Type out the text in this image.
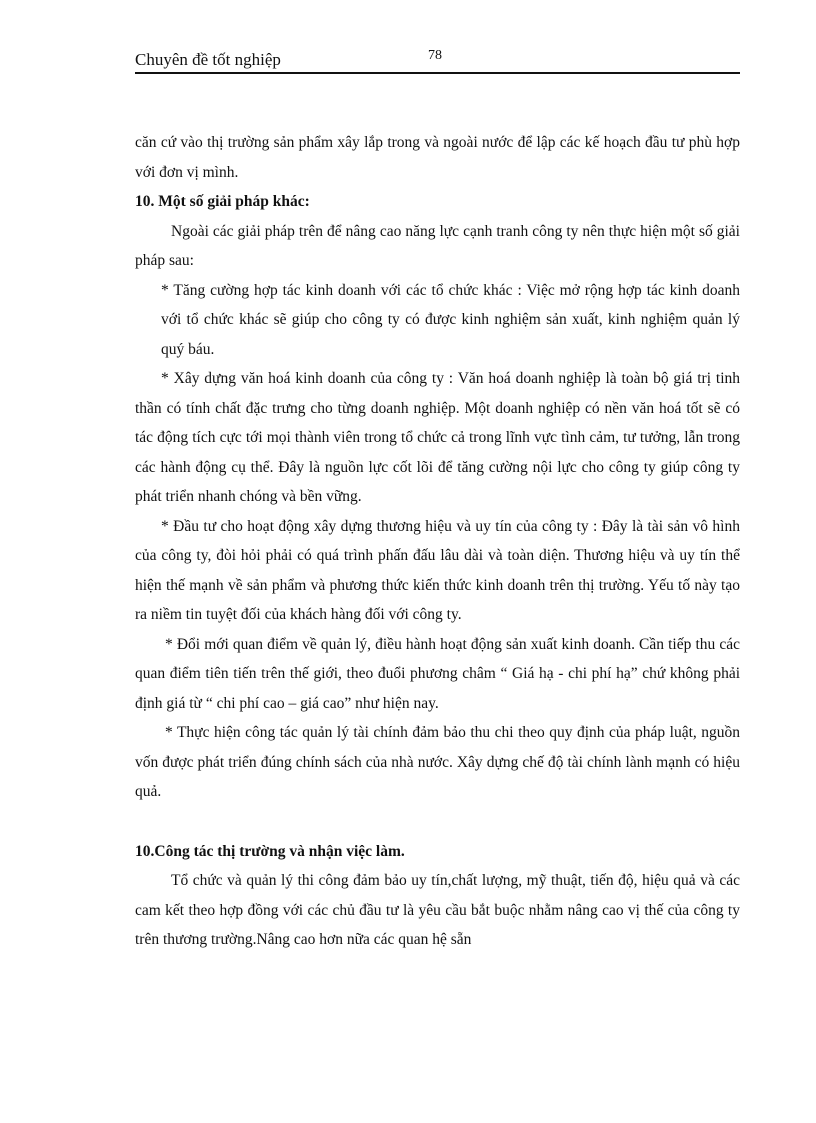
Chuyên đề tốt nghiệp	78

căn cứ vào thị trường sản phẩm xây lắp trong và ngoài nước để lập các kế hoạch đầu tư phù hợp với đơn vị mình.

10. Một số giải pháp khác:

Ngoài các giải pháp trên để nâng cao năng lực cạnh tranh công ty nên thực hiện một số giải pháp sau:

* Tăng cường hợp tác kinh doanh với các tổ chức khác : Việc mở rộng hợp tác kinh doanh với tổ chức khác sẽ giúp cho công ty có được kinh nghiệm sản xuất, kinh nghiệm quản lý quý báu.

* Xây dựng văn hoá kinh doanh của công ty : Văn hoá doanh nghiệp là toàn bộ giá trị tinh thần có tính chất đặc trưng cho từng doanh nghiệp. Một doanh nghiệp có nền văn hoá tốt sẽ có tác động tích cực tới mọi thành viên trong tổ chức cả trong lĩnh vực tình cảm, tư tưởng, lẫn trong các hành động cụ thể. Đây là nguồn lực cốt lõi để tăng cường nội lực cho công ty giúp công ty phát triển nhanh chóng và bền vững.

* Đầu tư cho hoạt động xây dựng thương hiệu và uy tín của công ty : Đây là tài sản vô hình của công ty, đòi hỏi phải có quá trình phấn đấu lâu dài và toàn diện. Thương hiệu và uy tín thể hiện thế mạnh về sản phẩm và phương thức kiến thức kinh doanh trên thị trường. Yếu tố này tạo ra niềm tin tuyệt đối của khách hàng đối với công ty.

* Đổi mới quan điểm về quản lý, điều hành hoạt động sản xuất kinh doanh. Cần tiếp thu các quan điểm tiên tiến trên thế giới, theo đuổi phương châm “ Giá hạ - chi phí hạ” chứ không phải định giá từ “ chi phí cao – giá cao” như hiện nay.

* Thực hiện công tác quản lý tài chính đảm bảo thu chi theo quy định của pháp luật, nguồn vốn được phát triển đúng chính sách của nhà nước. Xây dựng chế độ tài chính lành mạnh có hiệu quả.

10.Công tác thị trường và nhận việc làm.

Tổ chức và quản lý thi công đảm bảo uy tín,chất lượng, mỹ thuật, tiến độ, hiệu quả và các cam kết theo hợp đồng với các chủ đầu tư là yêu cầu bắt buộc nhằm nâng cao vị thế của công ty trên thương trường.Nâng cao hơn nữa các quan hệ sẵn
